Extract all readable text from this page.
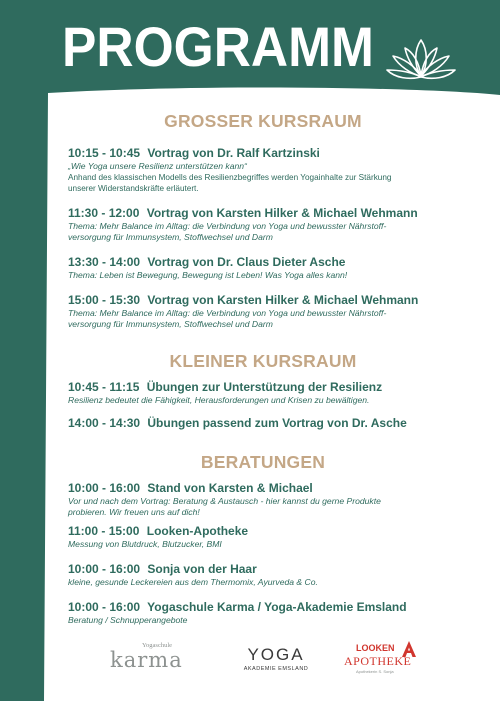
PROGRAMM
GROSSER KURSRAUM
10:15 - 10:45 Vortrag von Dr. Ralf Kartzinski
„Wie Yoga unsere Resilienz unterstützen kann“
Anhand des klassischen Modells des Resilienzbegriffes werden Yogainhalte zur Stärkung
unserer Widerstandskräfte erläutert.
11:30 - 12:00 Vortrag von Karsten Hilker & Michael Wehmann
Thema: Mehr Balance im Alltag: die Verbindung von Yoga und bewusster Nährstoff-
versorgung für Immunsystem, Stoffwechsel und Darm
13:30 - 14:00 Vortrag von Dr. Claus Dieter Asche
Thema: Leben ist Bewegung, Bewegung ist Leben! Was Yoga alles kann!
15:00 - 15:30 Vortrag von Karsten Hilker & Michael Wehmann
Thema: Mehr Balance im Alltag: die Verbindung von Yoga und bewusster Nährstoff-
versorgung für Immunsystem, Stoffwechsel und Darm
KLEINER KURSRAUM
10:45 - 11:15 Übungen zur Unterstützung der Resilienz
Resilienz bedeutet die Fähigkeit, Herausforderungen und Krisen zu bewältigen.
14:00 - 14:30 Übungen passend zum Vortrag von Dr. Asche
BERATUNGEN
10:00 - 16:00 Stand von Karsten & Michael
Vor und nach dem Vortrag: Beratung & Austausch - hier kannst du gerne Produkte
probieren. Wir freuen uns auf dich!
11:00 - 15:00 Looken-Apotheke
Messung von Blutdruck, Blutzucker, BMI
10:00 - 16:00 Sonja von der Haar
kleine, gesunde Leckereien aus dem Thermomix, Ayurveda & Co.
10:00 - 16:00 Yogaschule Karma / Yoga-Akademie Emsland
Beratung / Schnupperangebote
Yogaschule
karma	YOGA
AKADEMIE EMSLAND
LOOKEN
APOTHEKE
Apothekerin S. Sonja
